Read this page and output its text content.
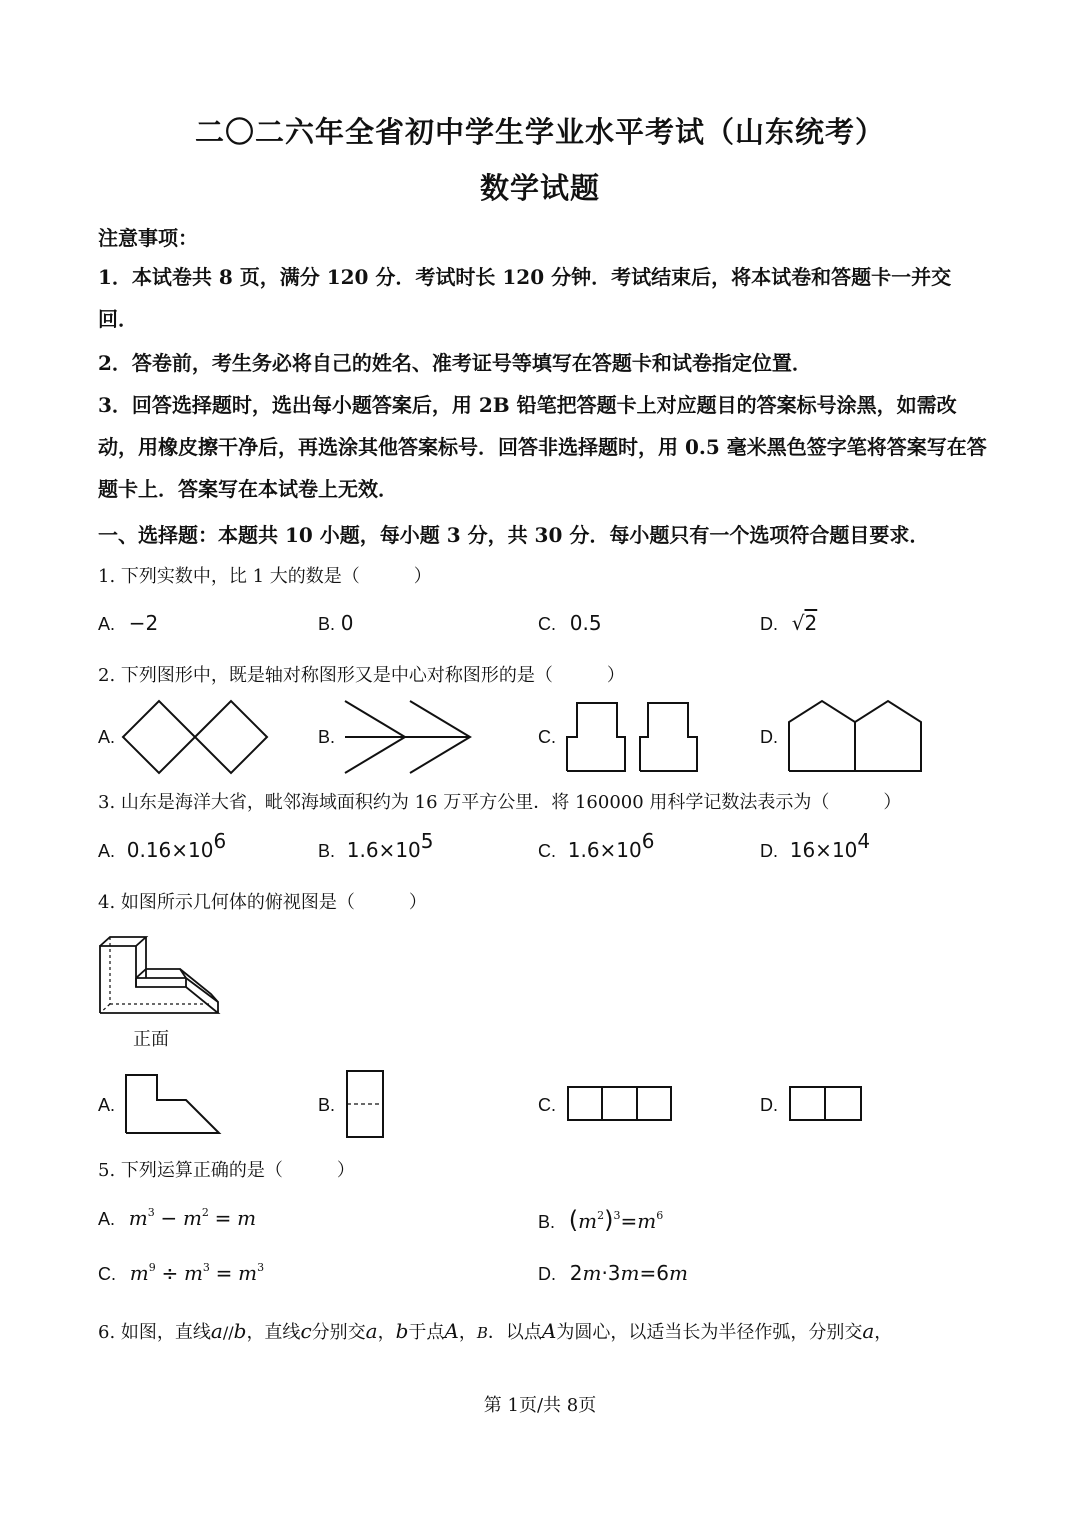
二〇二六年全省初中学生学业水平考试（山东统考）
数学试题
注意事项：
1．本试卷共 8 页，满分 120 分．考试时长 120 分钟．考试结束后，将本试卷和答题卡一并交回．
2．答卷前，考生务必将自己的姓名、准考证号等填写在答题卡和试卷指定位置．
3．回答选择题时，选出每小题答案后，用 2B 铅笔把答题卡上对应题目的答案标号涂黑，如需改动，用橡皮擦干净后，再选涂其他答案标号．回答非选择题时，用 0.5 毫米黑色签字笔将答案写在答题卡上．答案写在本试卷上无效．
一、选择题：本题共 10 小题，每小题 3 分，共 30 分．每小题只有一个选项符合题目要求．
1. 下列实数中，比 1 大的数是（　　　）
A. −2	B. 0	C. 0.5	D. √2
2. 下列图形中，既是轴对称图形又是中心对称图形的是（　　　）
A.	B.	C.	D.
3. 山东是海洋大省，毗邻海域面积约为 16 万平方公里．将 160000 用科学记数法表示为（　　　）
A. $0.16\times 10^6$	B. $1.6\times 10^5$	C. $1.6\times 10^6$	D. $16\times 10^4$
4. 如图所示几何体的俯视图是（　　　）
正面
A.	B.	C.	D.
5. 下列运算正确的是（　　　）
A. $m^3 - m^2 = m$	B. $(m^2)^3=m^6$
C. $m^9 \div m^3 = m^3$	D. 2m·3m=6m
6. 如图，直线a//b，直线c分别交a，b于点A，B．以点A为圆心，以适当长为半径作弧，分别交a，
第 1页/共 8页
